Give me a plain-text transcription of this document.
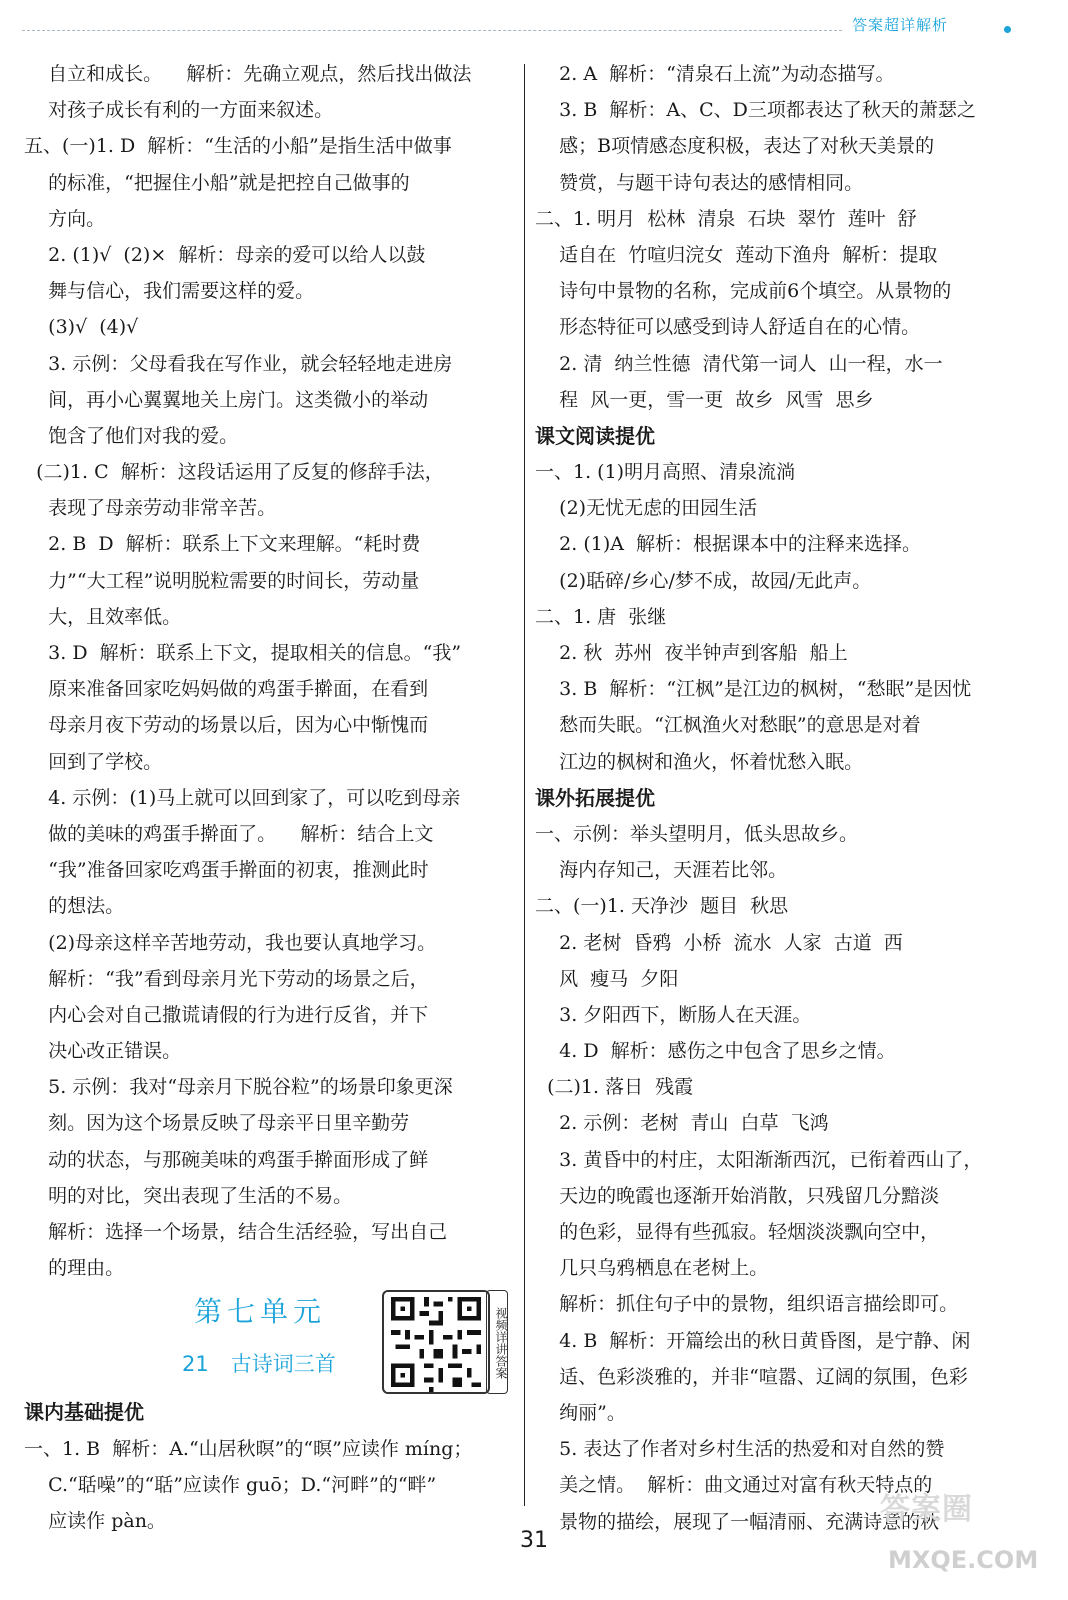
答案超详解析
自立和成长。    解析：先确立观点，然后找出做法
对孩子成长有利的一方面来叙述。
五、(一)1. D  解析：“生活的小船”是指生活中做事
的标准，“把握住小船”就是把控自己做事的
方向。
2. (1)√  (2)×  解析：母亲的爱可以给人以鼓
舞与信心，我们需要这样的爱。
(3)√  (4)√
3. 示例：父母看我在写作业，就会轻轻地走进房
间，再小心翼翼地关上房门。这类微小的举动
饱含了他们对我的爱。
(二)1. C  解析：这段话运用了反复的修辞手法，
表现了母亲劳动非常辛苦。
2. B  D  解析：联系上下文来理解。“耗时费
力”“大工程”说明脱粒需要的时间长，劳动量
大，且效率低。
3. D  解析：联系上下文，提取相关的信息。“我”
原来准备回家吃妈妈做的鸡蛋手擀面，在看到
母亲月夜下劳动的场景以后，因为心中惭愧而
回到了学校。
4. 示例：(1)马上就可以回到家了，可以吃到母亲
做的美味的鸡蛋手擀面了。    解析：结合上文
“我”准备回家吃鸡蛋手擀面的初衷，推测此时
的想法。
(2)母亲这样辛苦地劳动，我也要认真地学习。
解析：“我”看到母亲月光下劳动的场景之后，
内心会对自己撒谎请假的行为进行反省，并下
决心改正错误。
5. 示例：我对“母亲月下脱谷粒”的场景印象更深
刻。因为这个场景反映了母亲平日里辛勤劳
动的状态，与那碗美味的鸡蛋手擀面形成了鲜
明的对比，突出表现了生活的不易。
解析：选择一个场景，结合生活经验，写出自己
的理由。
第七单元
21 古诗词三首	视频详讲答案
课内基础提优
一、1. B  解析：A.“山居秋暝”的“暝”应读作 míng；
C.“聒噪”的“聒”应读作 guō；D.“河畔”的“畔”
应读作 pàn。
2. A  解析：“清泉石上流”为动态描写。
3. B  解析：A、C、D三项都表达了秋天的萧瑟之
感；B项情感态度积极，表达了对秋天美景的
赞赏，与题干诗句表达的感情相同。
二、1. 明月  松林  清泉  石块  翠竹  莲叶  舒
适自在  竹喧归浣女  莲动下渔舟  解析：提取
诗句中景物的名称，完成前6个填空。从景物的
形态特征可以感受到诗人舒适自在的心情。
2. 清  纳兰性德  清代第一词人  山一程，水一
程  风一更，雪一更  故乡  风雪  思乡
课文阅读提优
一、1. (1)明月高照、清泉流淌
(2)无忧无虑的田园生活
2. (1)A  解析：根据课本中的注释来选择。
(2)聒碎/乡心/梦不成，故园/无此声。
二、1. 唐  张继
2. 秋  苏州  夜半钟声到客船  船上
3. B  解析：“江枫”是江边的枫树，“愁眠”是因忧
愁而失眠。“江枫渔火对愁眠”的意思是对着
江边的枫树和渔火，怀着忧愁入眠。
课外拓展提优
一、示例：举头望明月，低头思故乡。
海内存知己，天涯若比邻。
二、(一)1. 天净沙  题目  秋思
2. 老树  昏鸦  小桥  流水  人家  古道  西
风  瘦马  夕阳
3. 夕阳西下，断肠人在天涯。
4. D  解析：感伤之中包含了思乡之情。
(二)1. 落日  残霞
2. 示例：老树  青山  白草  飞鸿
3. 黄昏中的村庄，太阳渐渐西沉，已衔着西山了，
天边的晚霞也逐渐开始消散，只残留几分黯淡
的色彩，显得有些孤寂。轻烟淡淡飘向空中，
几只乌鸦栖息在老树上。
解析：抓住句子中的景物，组织语言描绘即可。
4. B  解析：开篇绘出的秋日黄昏图，是宁静、闲
适、色彩淡雅的，并非“喧嚣、辽阔的氛围，色彩
绚丽”。
5. 表达了作者对乡村生活的热爱和对自然的赞
美之情。  解析：曲文通过对富有秋天特点的
景物的描绘，展现了一幅清丽、充满诗意的秋
31
答案圈
MXQE.COM
